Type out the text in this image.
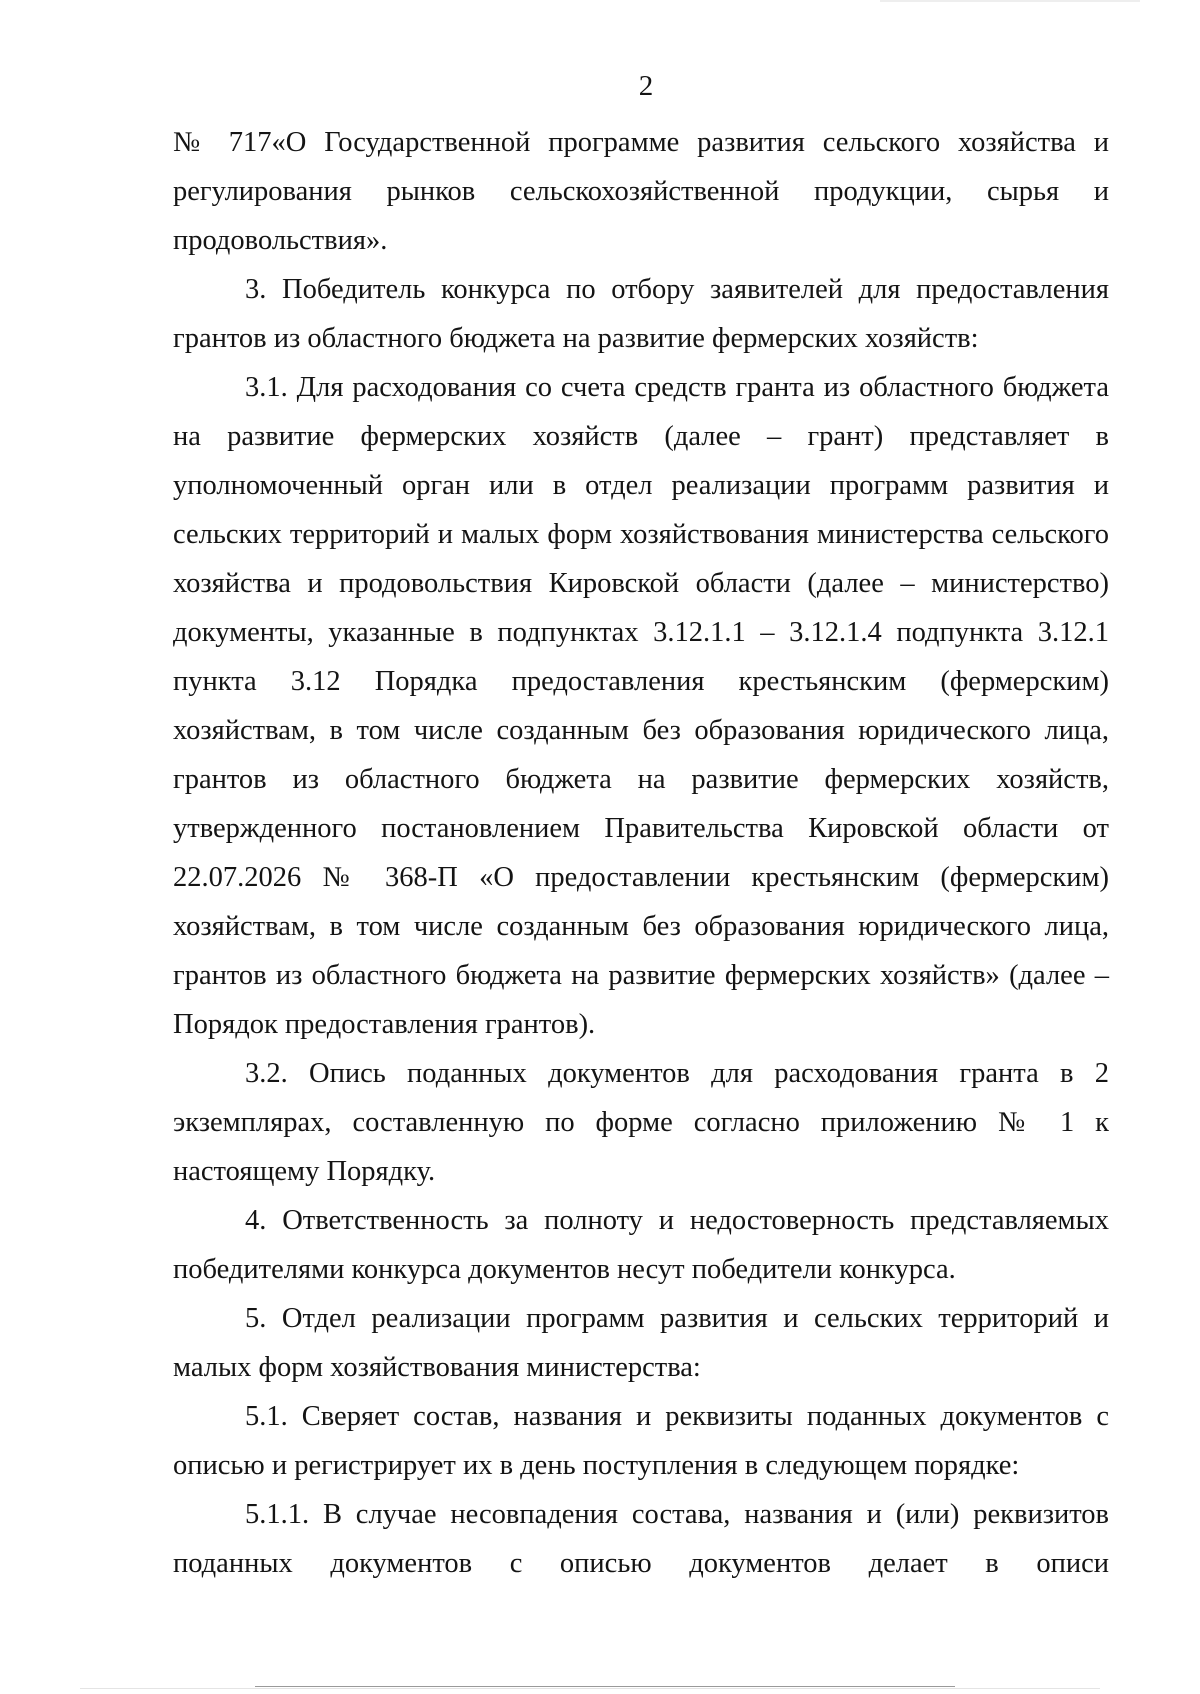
2

№ 717«О Государственной программе развития сельского хозяйства и регулирования рынков сельскохозяйственной продукции, сырья и продовольствия».

3. Победитель конкурса по отбору заявителей для предоставления грантов из областного бюджета на развитие фермерских хозяйств:

3.1. Для расходования со счета средств гранта из областного бюджета на развитие фермерских хозяйств (далее – грант) представляет в уполномоченный орган или в отдел реализации программ развития и сельских территорий и малых форм хозяйствования министерства сельского хозяйства и продовольствия Кировской области (далее – министерство) документы, указанные в подпунктах 3.12.1.1 – 3.12.1.4 подпункта 3.12.1 пункта 3.12 Порядка предоставления крестьянским (фермерским) хозяйствам, в том числе созданным без образования юридического лица, грантов из областного бюджета на развитие фермерских хозяйств, утвержденного постановлением Правительства Кировской области от 22.07.2026 № 368-П «О предоставлении крестьянским (фермерским) хозяйствам, в том числе созданным без образования юридического лица, грантов из областного бюджета на развитие фермерских хозяйств» (далее – Порядок предоставления грантов).

3.2. Опись поданных документов для расходования гранта в 2 экземплярах, составленную по форме согласно приложению № 1 к настоящему Порядку.

4. Ответственность за полноту и недостоверность представляемых победителями конкурса документов несут победители конкурса.

5. Отдел реализации программ развития и сельских территорий и малых форм хозяйствования министерства:

5.1. Сверяет состав, названия и реквизиты поданных документов с описью и регистрирует их в день поступления в следующем порядке:

5.1.1. В случае несовпадения состава, названия и (или) реквизитов поданных документов с описью документов делает в описи
